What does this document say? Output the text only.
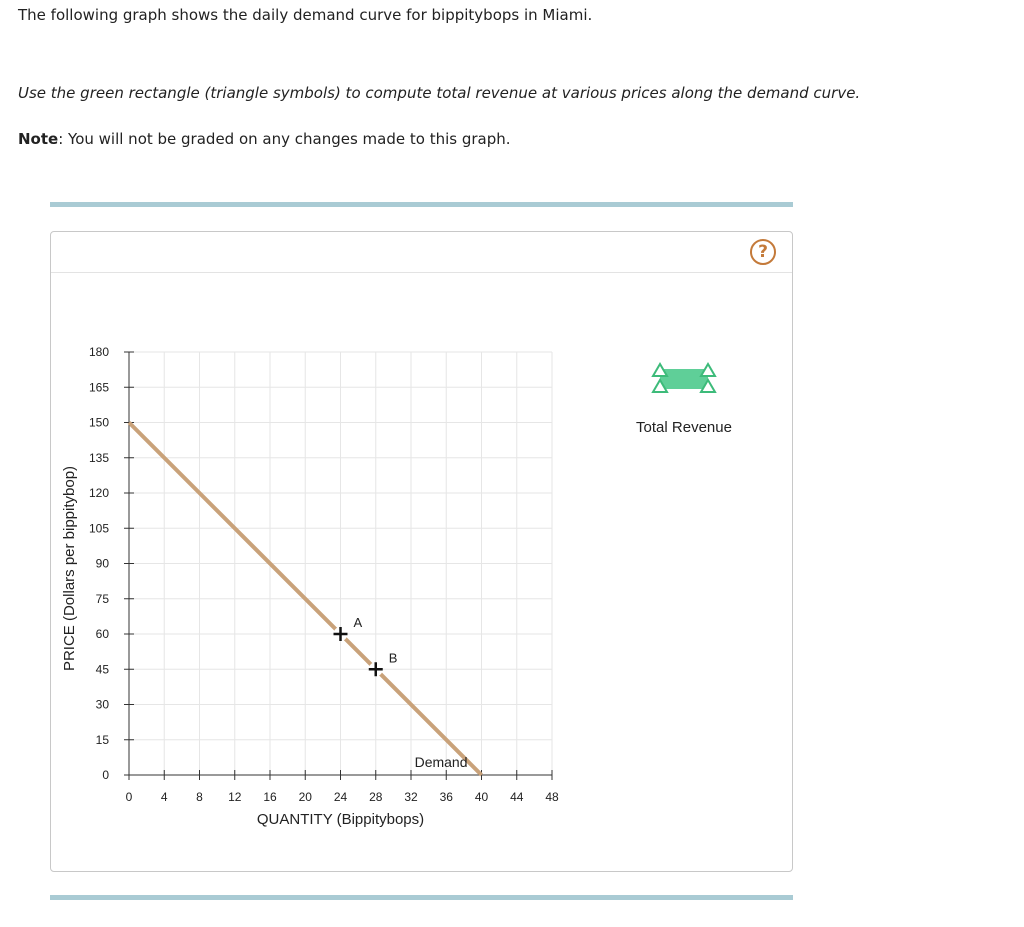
The following graph shows the daily demand curve for bippitybops in Miami.
Use the green rectangle (triangle symbols) to compute total revenue at various prices along the demand curve.
Note: You will not be graded on any changes made to this graph.
?
0
15
30
45
60
75
90
105
120
135
150
165
180
0 4 8 12 16 20 24 28 32 36 40 44 48
Demand
A
B
QUANTITY (Bippitybops)
PRICE (Dollars per bippitybop)
Total Revenue
